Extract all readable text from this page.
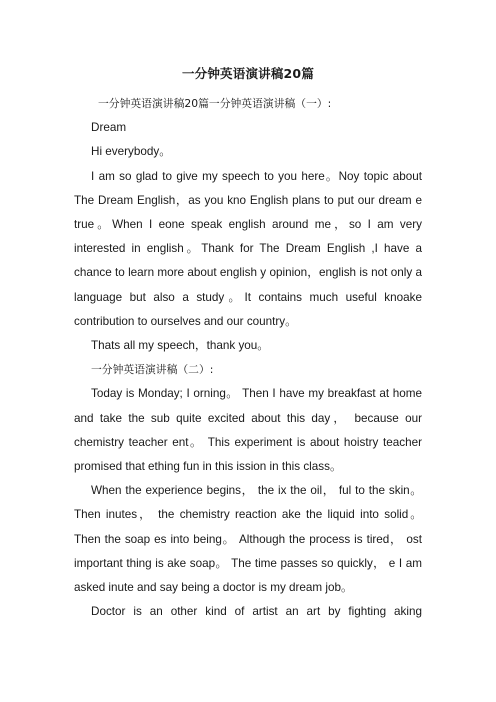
一分钟英语演讲稿20篇

一分钟英语演讲稿20篇一分钟英语演讲稿（一）:

Dream

Hi everybody。

I am so glad to give my speech to you here。Noy topic about The Dream English，as you kno English plans to put our dream e true。When I eone speak english around me，so I am very interested in english。Thank for The Dream English ,I have a chance to learn more about english y opinion，english is not only a language but also a study。It contains much useful knoake contribution to ourselves and our country。

Thats all my speech，thank you。

一分钟英语演讲稿（二）:

Today is Monday; I orning。 Then I have my breakfast at home and take the sub quite excited about this day， because our chemistry teacher ent。 This experiment is about hoistry teacher promised that ething fun in this ission in this class。

When the experience begins， the ix the oil， ful to the skin。 Then inutes， the chemistry reaction ake the liquid into solid。 Then the soap es into being。 Although the process is tired， ost important thing is ake soap。 The time passes so quickly， e I am asked inute and say being a doctor is my dream job。

Doctor is an other kind of artist an art by fighting aking
